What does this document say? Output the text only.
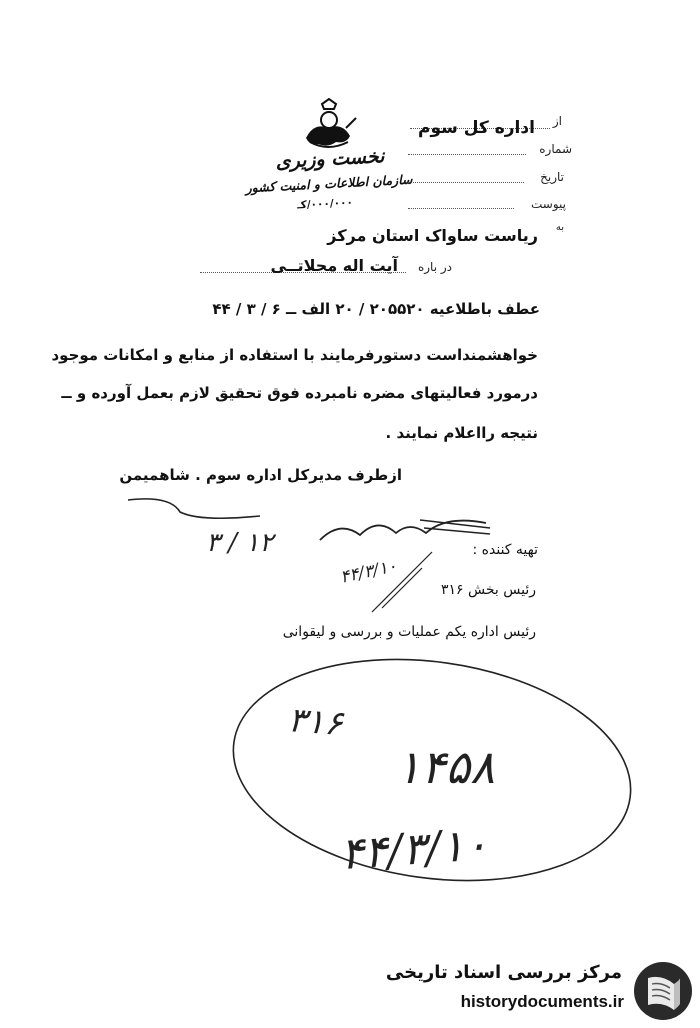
نخست وزیری
سازمان اطلاعات و امنیت کشور
۰۰۰/۰۰۰/کـ
از
اداره کل سوم
شماره
تاریخ
پیوست
به
ریاست ساواک استان مرکز
در باره
آیت اله محلاتــی
عطف باطلاعیه ۲۰۵۵۲۰ / ۲۰ الف ــ ۶ / ۳ / ۴۴
خواهشمنداست دستورفرمایند با استفاده از منابع و امکانات موجود
درمورد فعالیتهای مضره نامبرده فوق تحقیق لازم بعمل آورده و ــ
نتیجه رااعلام نمایند .
ازطرف مدیرکل اداره سوم . شاهمیمن
تهیه کننده :
رئیس بخش ۳۱۶
رئیس اداره یکم عملیات و بررسی و لیقوانی
۳ / ۱۲
۴۴/۳/۱۰
۳۱۶
۱۴۵۸
۴۴/۳/۱۰
مرکز بررسی اسناد تاریخی
historydocuments.ir
